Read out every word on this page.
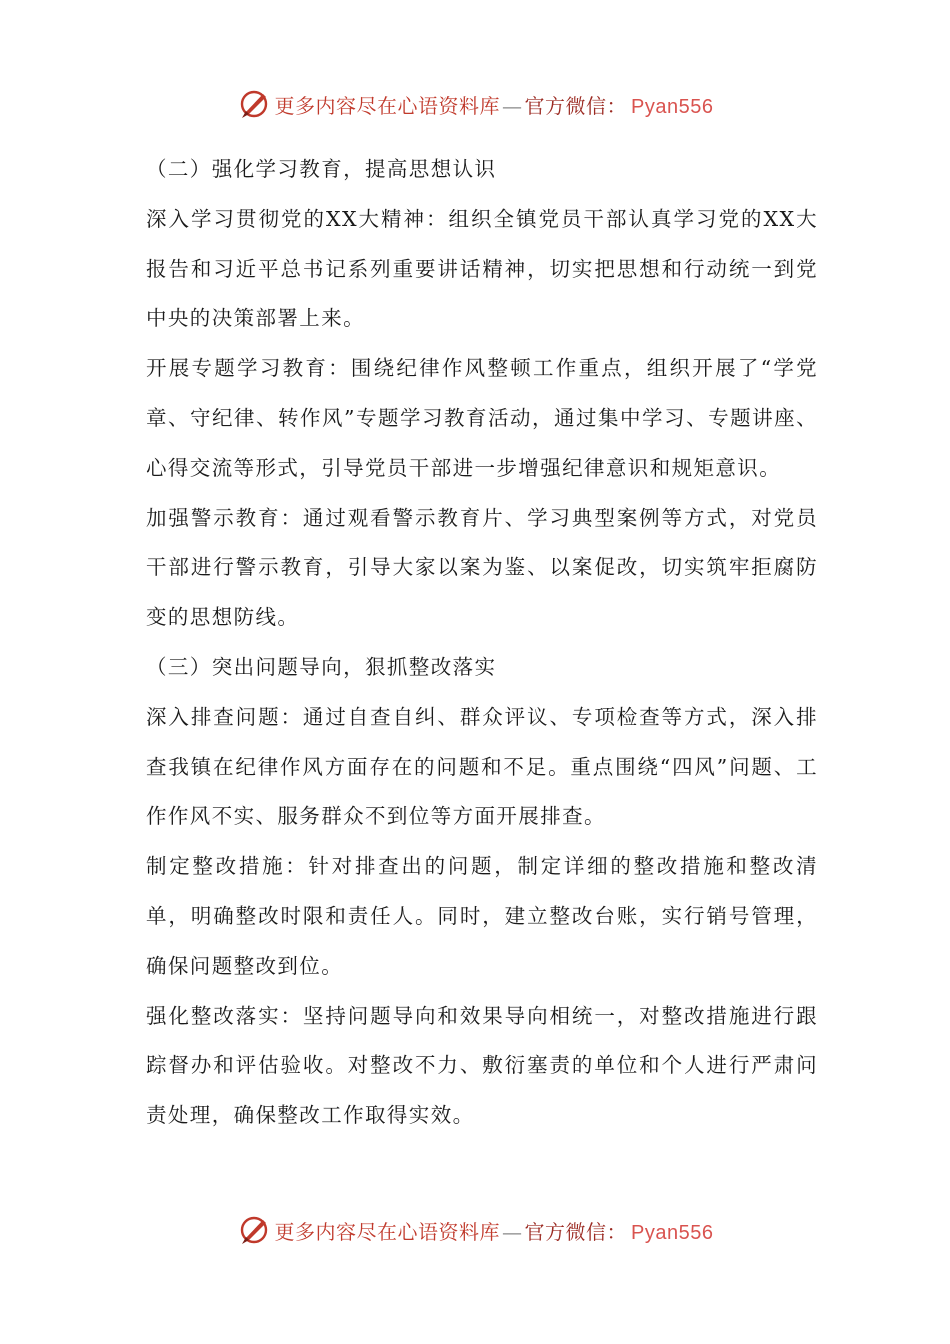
更多内容尽在心语资料库 — 官方微信： Pyan556

（二）强化学习教育，提高思想认识

深入学习贯彻党的XX大精神：组织全镇党员干部认真学习党的XX大报告和习近平总书记系列重要讲话精神，切实把思想和行动统一到党中央的决策部署上来。

开展专题学习教育：围绕纪律作风整顿工作重点，组织开展了“学党章、守纪律、转作风”专题学习教育活动，通过集中学习、专题讲座、心得交流等形式，引导党员干部进一步增强纪律意识和规矩意识。

加强警示教育：通过观看警示教育片、学习典型案例等方式，对党员干部进行警示教育，引导大家以案为鉴、以案促改，切实筑牢拒腐防变的思想防线。

（三）突出问题导向，狠抓整改落实

深入排查问题：通过自查自纠、群众评议、专项检查等方式，深入排查我镇在纪律作风方面存在的问题和不足。重点围绕“四风”问题、工作作风不实、服务群众不到位等方面开展排查。

制定整改措施：针对排查出的问题，制定详细的整改措施和整改清单，明确整改时限和责任人。同时，建立整改台账，实行销号管理，确保问题整改到位。

强化整改落实：坚持问题导向和效果导向相统一，对整改措施进行跟踪督办和评估验收。对整改不力、敷衍塞责的单位和个人进行严肃问责处理，确保整改工作取得实效。

更多内容尽在心语资料库 — 官方微信： Pyan556
